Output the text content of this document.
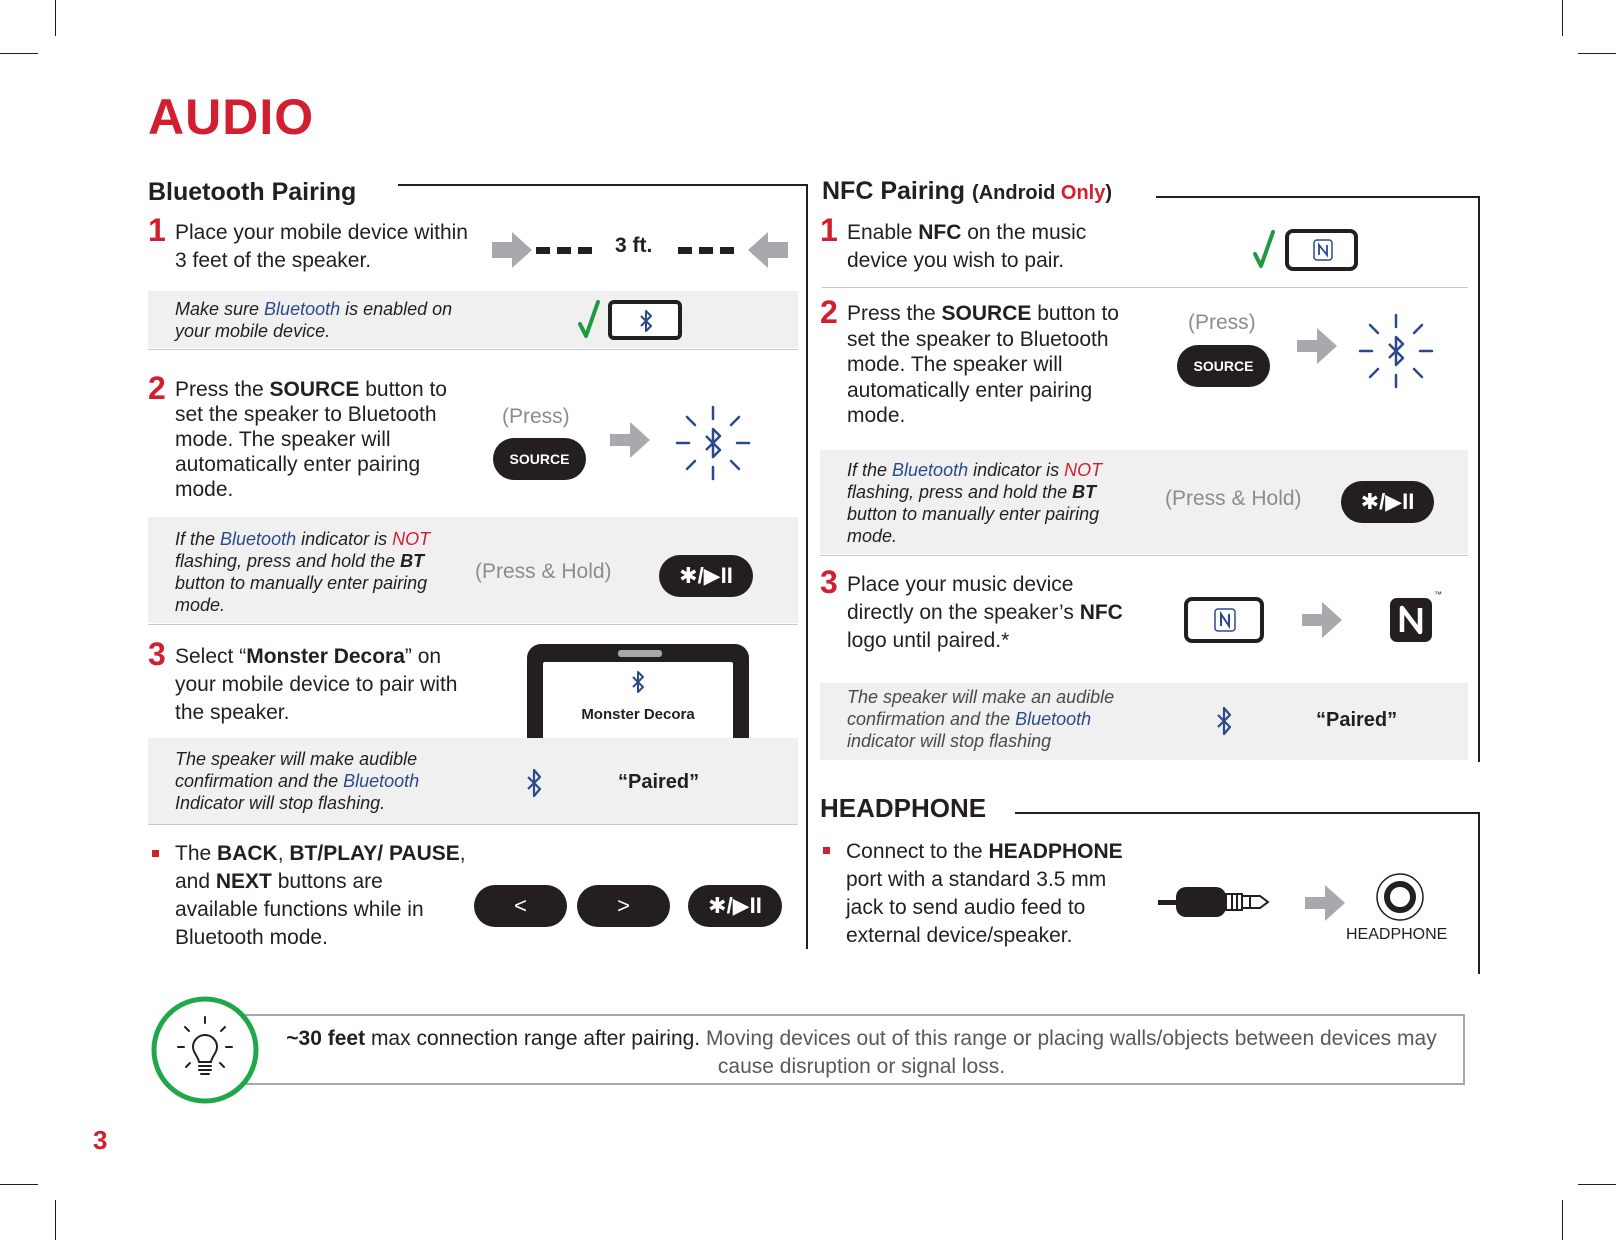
AUDIO
Bluetooth Pairing
1 Place your mobile device within 3 feet of the speaker.
3 ft.
Make sure Bluetooth is enabled on your mobile device.
2 Press the SOURCE button to set the speaker to Bluetooth mode. The speaker will automatically enter pairing mode.
(Press)
SOURCE
If the Bluetooth indicator is NOT flashing, press and hold the BT button to manually enter pairing mode.
(Press & Hold)	✱/▶II
3 Select “Monster Decora” on your mobile device to pair with the speaker.	Monster Decora
The speaker will make audible confirmation and the Bluetooth Indicator will stop flashing.
“Paired”
The BACK, BT/PLAY/ PAUSE, and NEXT buttons are available functions while in Bluetooth mode.
<	>	✱/▶II
NFC Pairing (Android Only)
1 Enable NFC on the music device you wish to pair.
2 Press the SOURCE button to set the speaker to Bluetooth mode. The speaker will automatically enter pairing mode.
(Press)
SOURCE
If the Bluetooth indicator is NOT flashing, press and hold the BT button to manually enter pairing mode.
(Press & Hold)	✱/▶II
3 Place your music device directly on the speaker’s NFC logo until paired.*
™
The speaker will make an audible confirmation and the Bluetooth indicator will stop flashing
“Paired”
HEADPHONE
Connect to the HEADPHONE port with a standard 3.5 mm jack to send audio feed to external device/speaker.	HEADPHONE
~30 feet max connection range after pairing. Moving devices out of this range or placing walls/objects between devices may cause disruption or signal loss.
3
